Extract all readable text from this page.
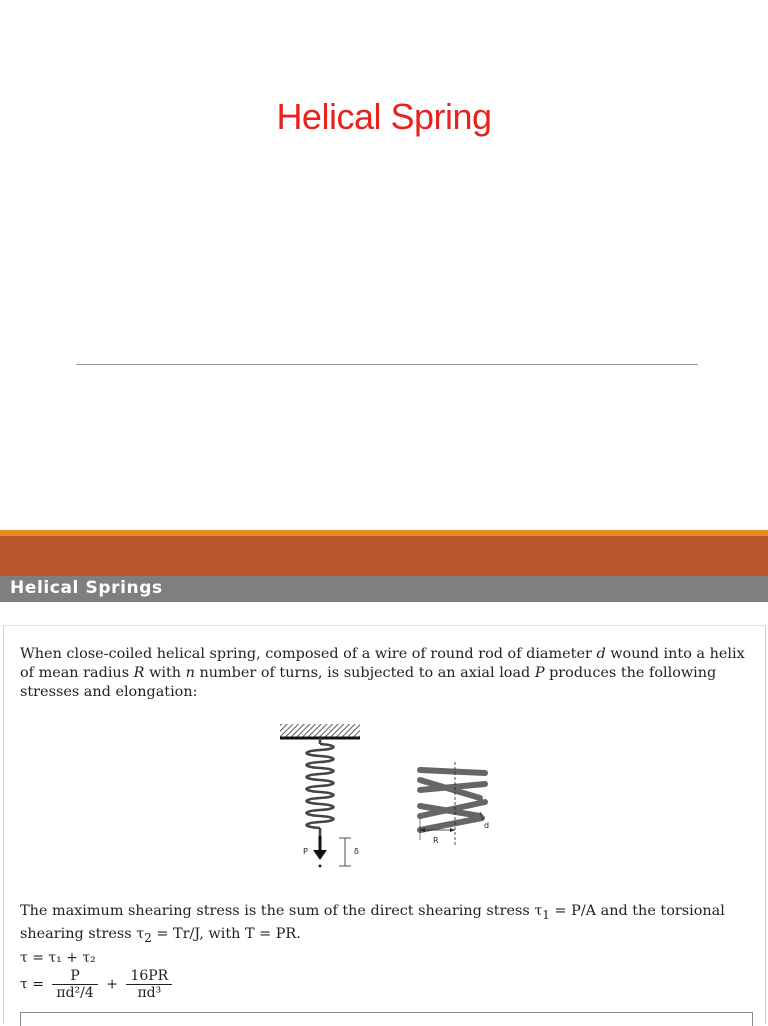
Helical Spring
Helical Springs
When close-coiled helical spring, composed of a wire of round rod of diameter d wound into a helix of mean radius R with n number of turns, is subjected to an axial load P produces the following stresses and elongation:
P	δ
R
d
The maximum shearing stress is the sum of the direct shearing stress $\tau_1 = P/A$ and the torsional shearing stress $\tau_2 = Tr/J$, with T = PR.
τ = τ₁ + τ₂
$\tau = \frac{P}{\text{πd²/4}} + \frac{16PR}{\text{πd³}}$
